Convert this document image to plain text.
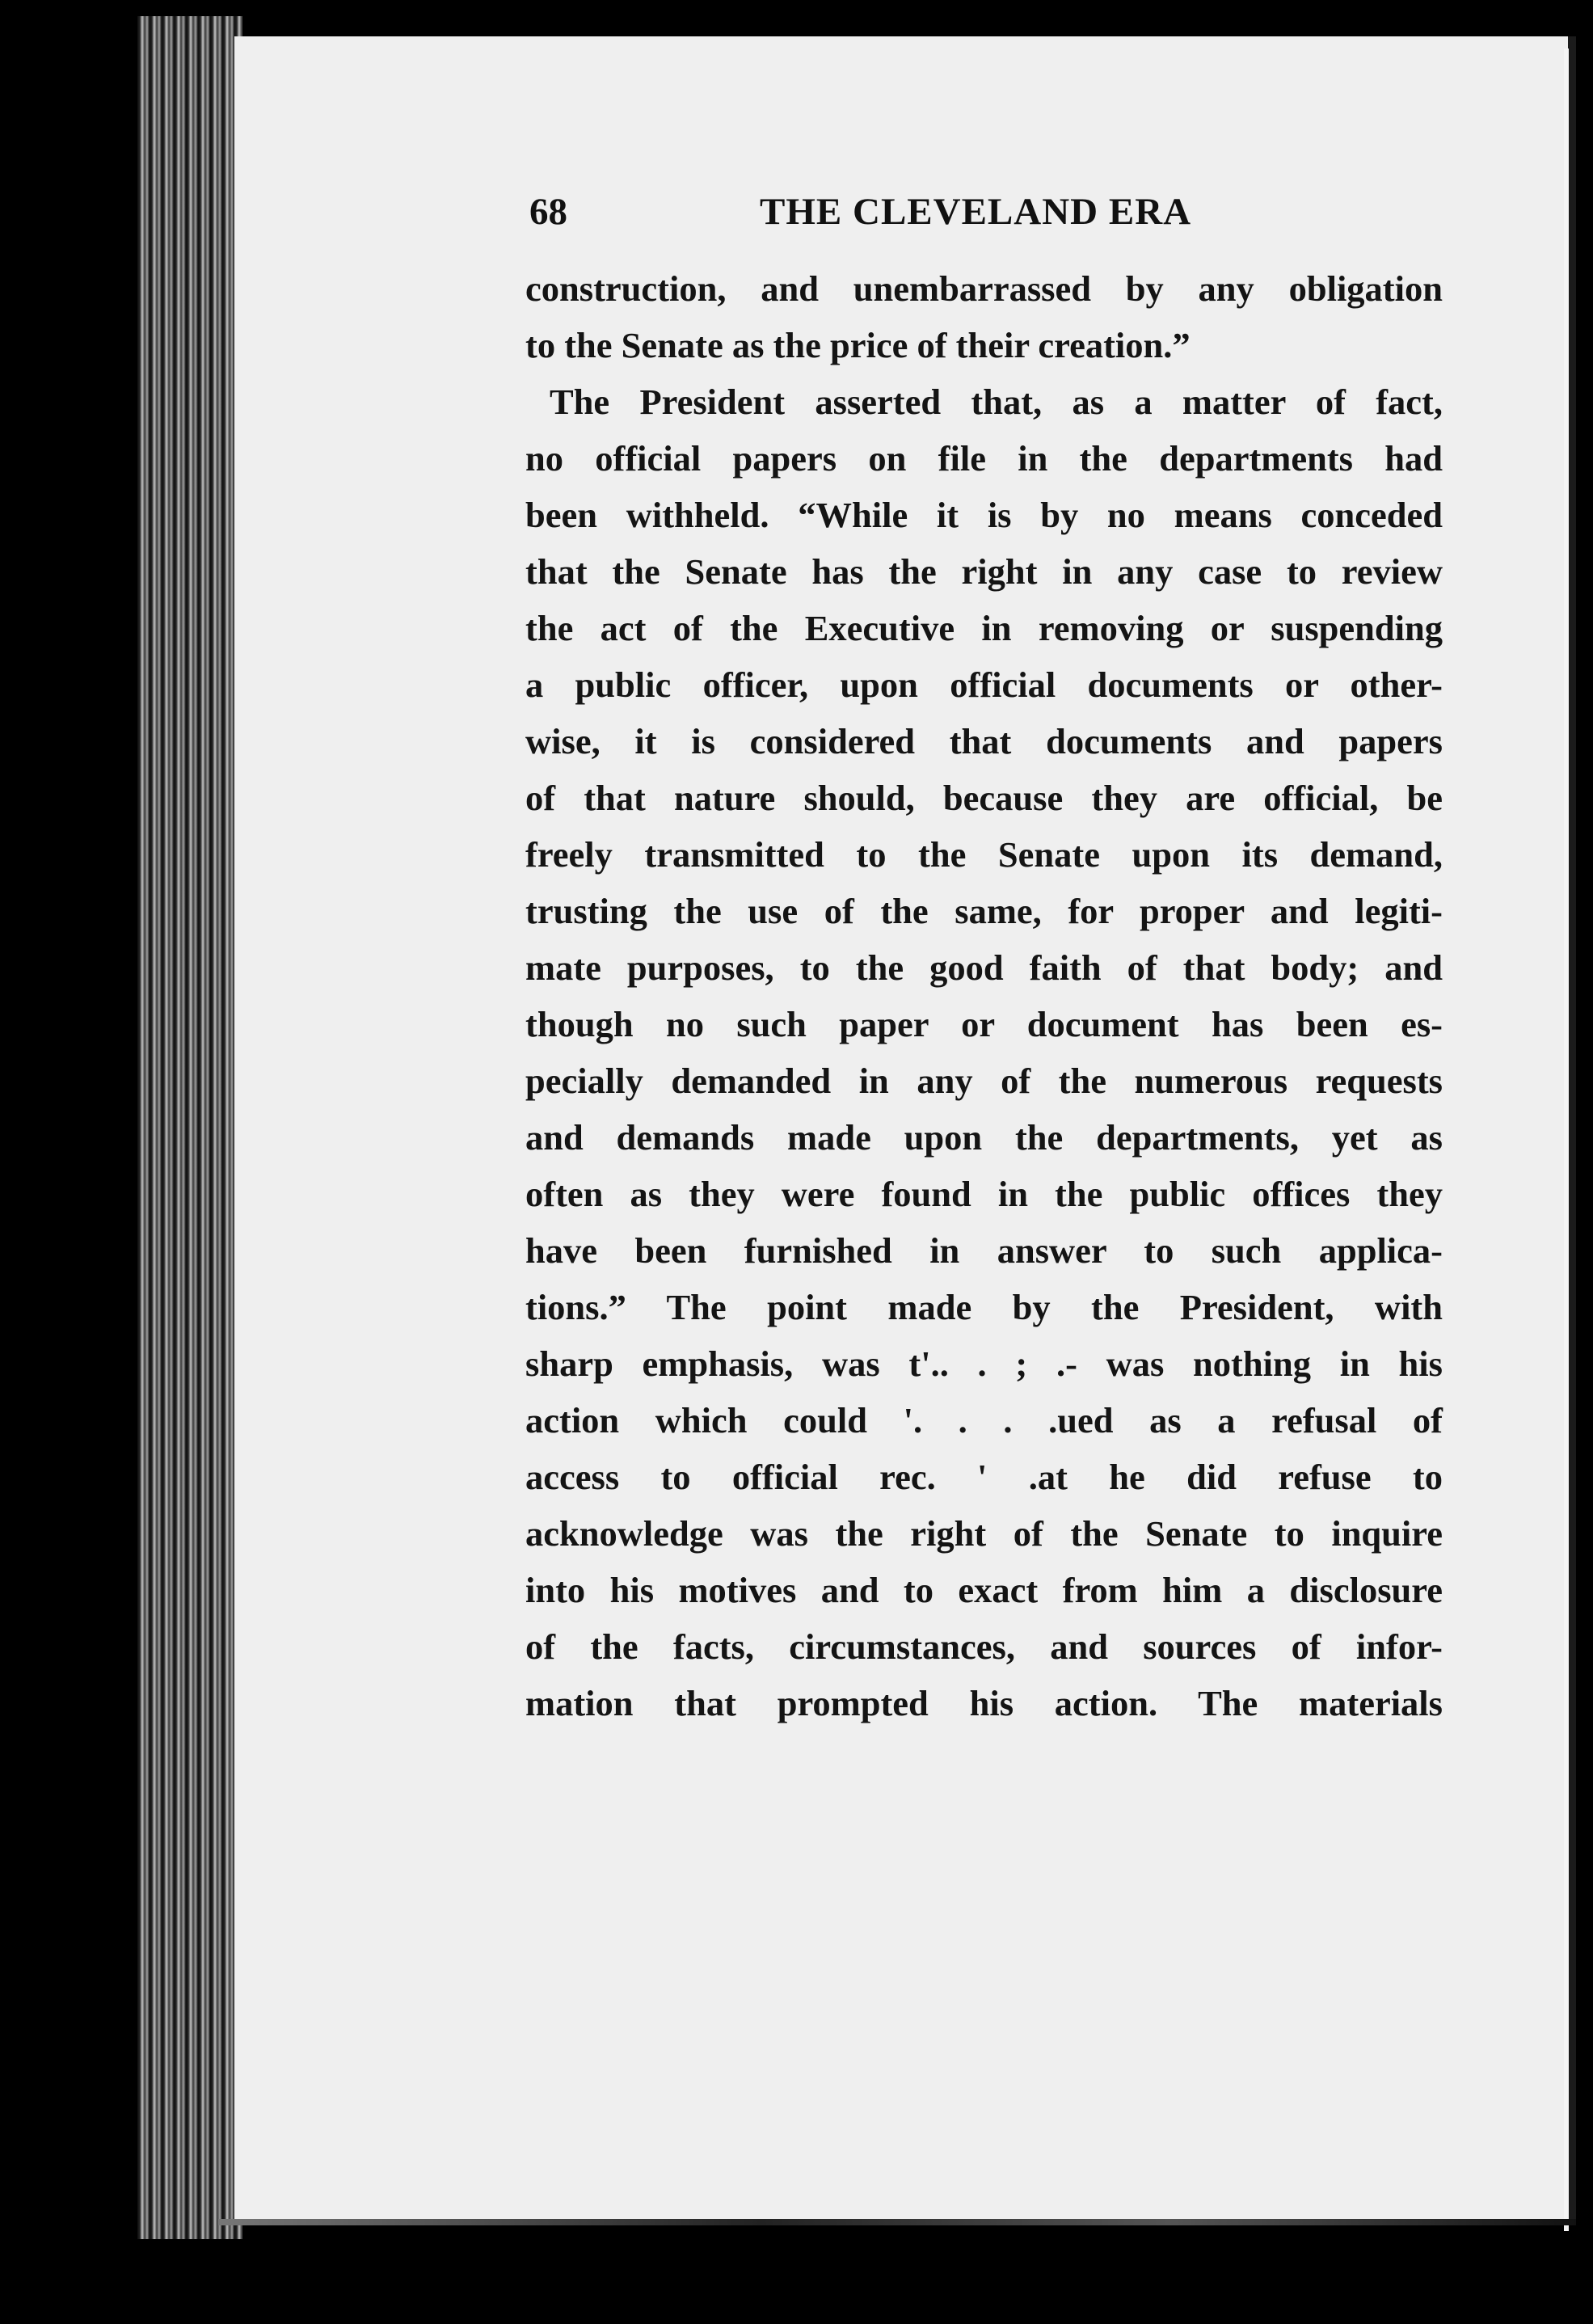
68	THE CLEVELAND ERA
construction, and unembarrassed by any obligation
to the Senate as the price of their creation.”
The President asserted that, as a matter of fact,
no official papers on file in the departments had
been withheld. “While it is by no means conceded
that the Senate has the right in any case to review
the act of the Executive in removing or suspending
a public officer, upon official documents or other-
wise, it is considered that documents and papers
of that nature should, because they are official, be
freely transmitted to the Senate upon its demand,
trusting the use of the same, for proper and legiti-
mate purposes, to the good faith of that body; and
though no such paper or document has been es-
pecially demanded in any of the numerous requests
and demands made upon the departments, yet as
often as they were found in the public offices they
have been furnished in answer to such applica-
tions.” The point made by the President, with
sharp emphasis, was t'.. . ; .- was nothing in his
action which could '. . . .ued as a refusal of
access to official rec. ' .at he did refuse to
acknowledge was the right of the Senate to inquire
into his motives and to exact from him a disclosure
of the facts, circumstances, and sources of infor-
mation that prompted his action. The materials
